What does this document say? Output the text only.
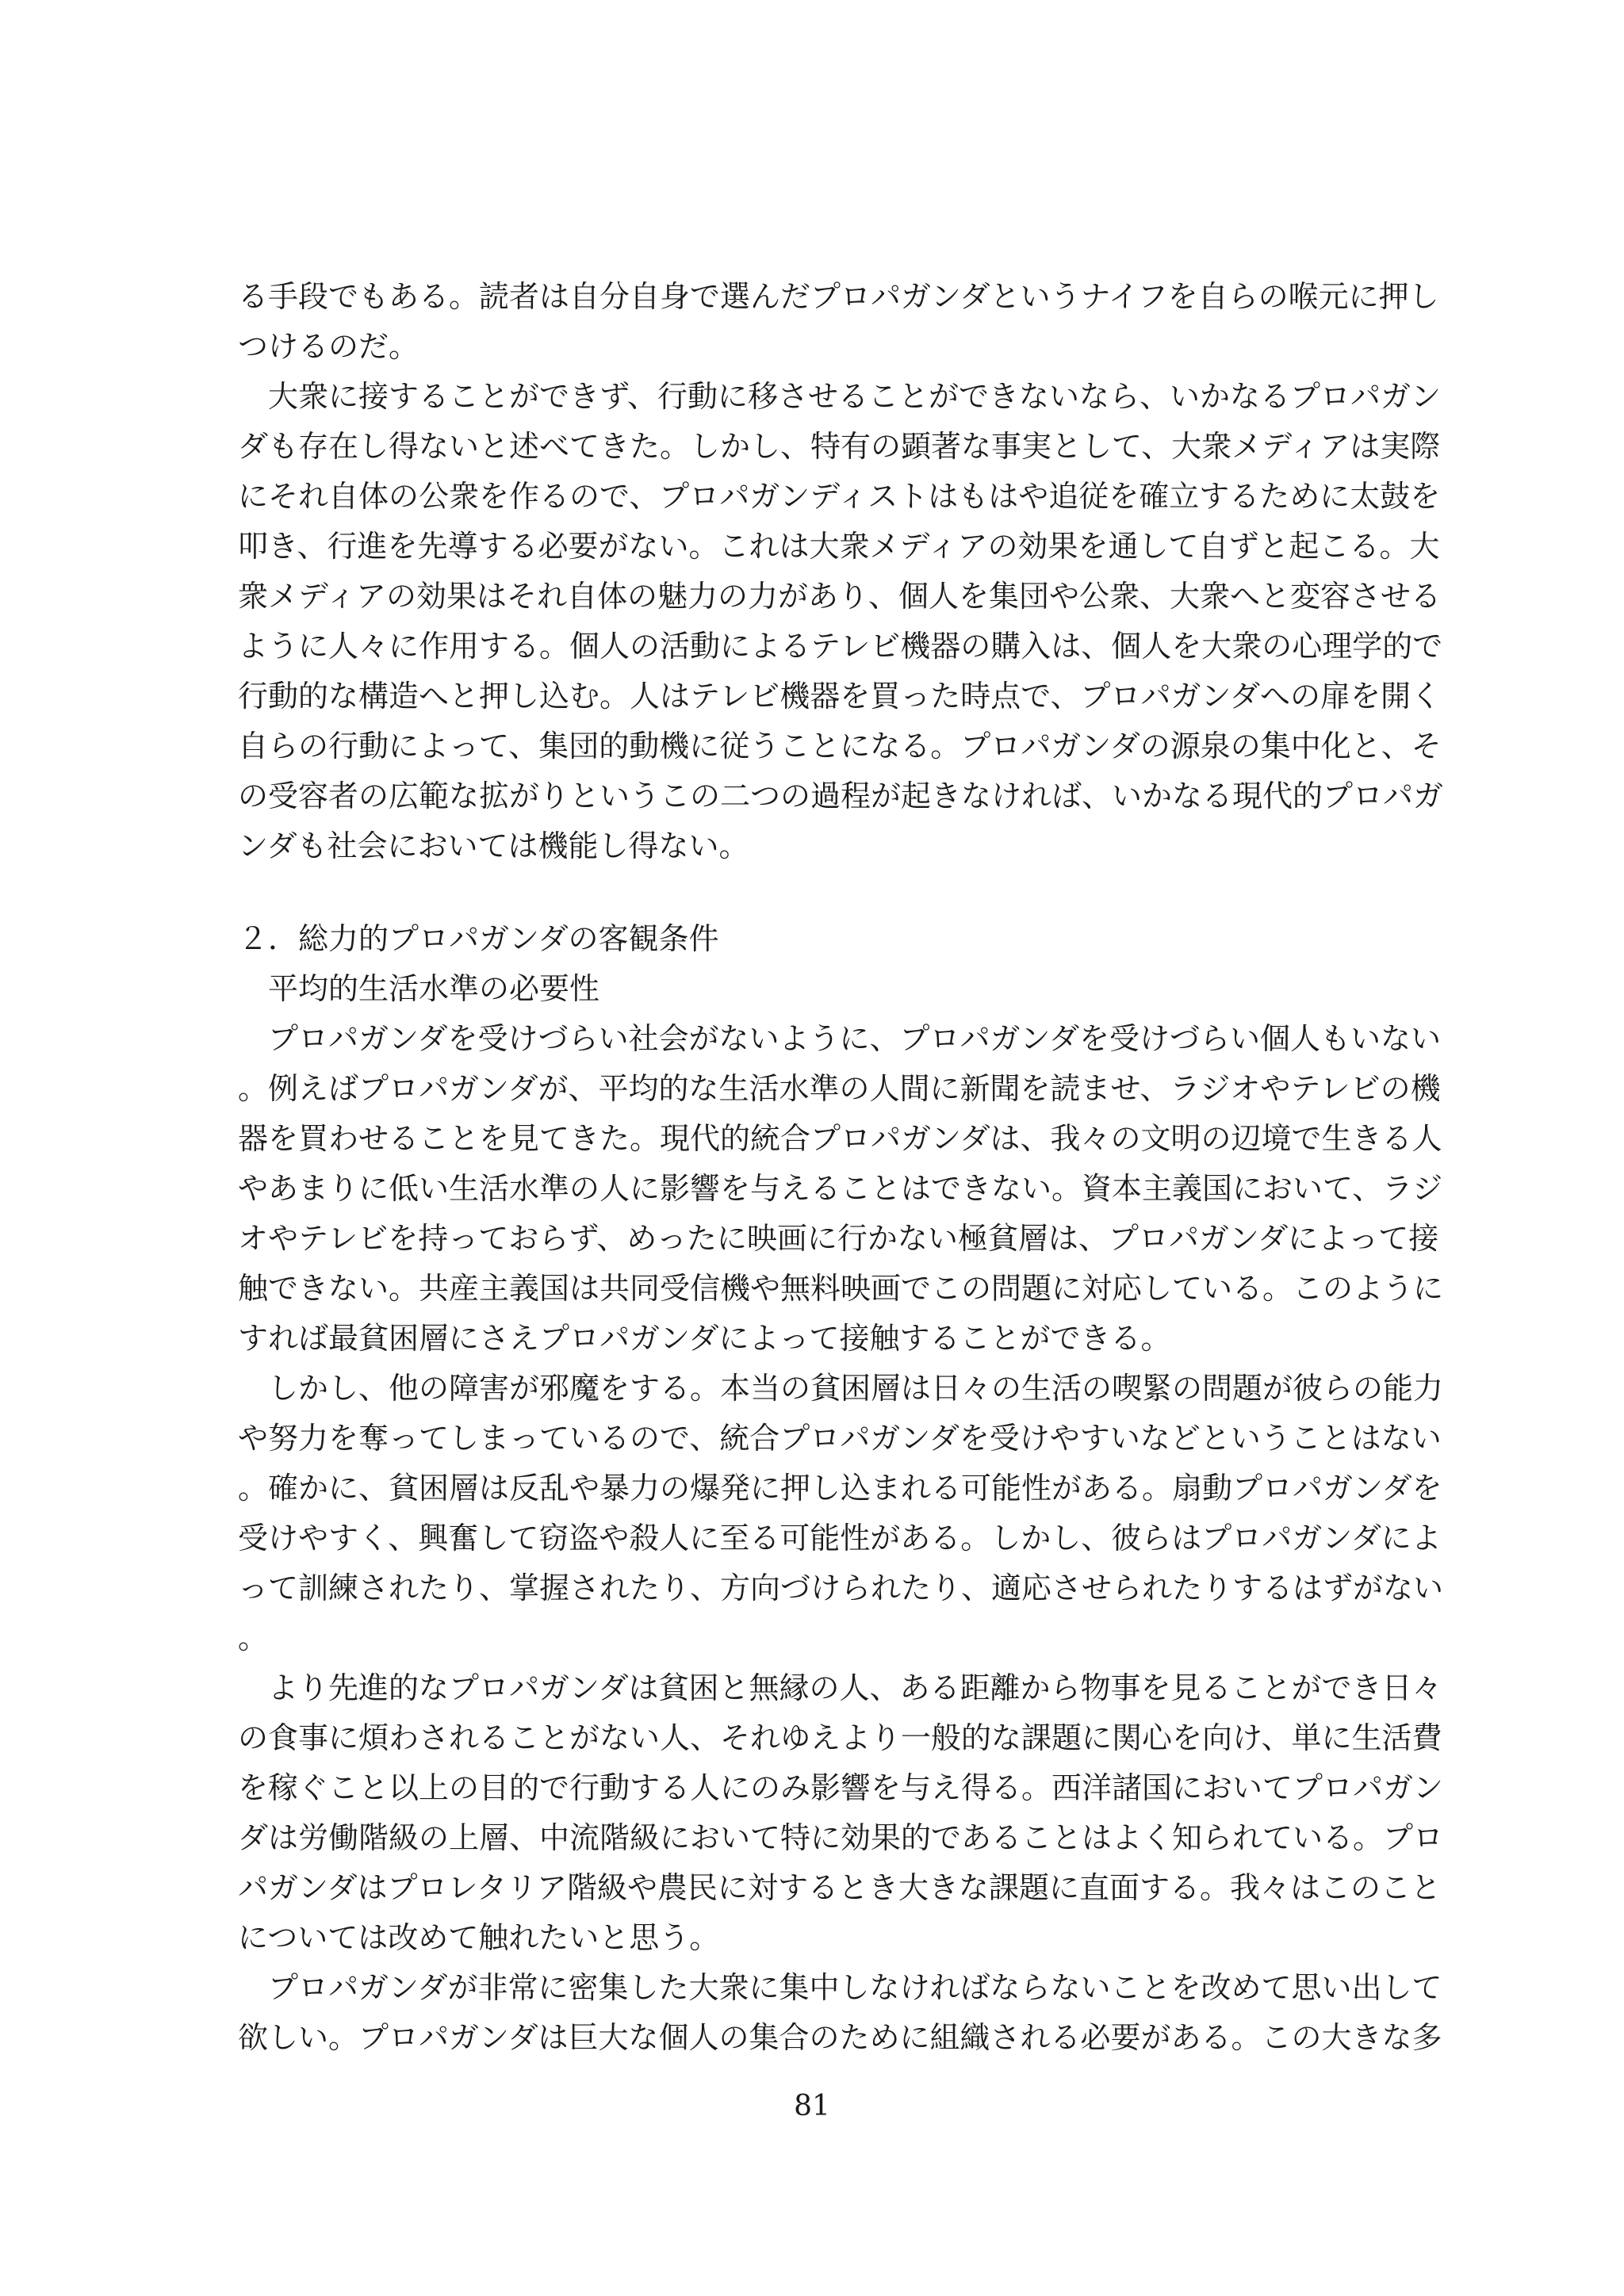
る手段でもある。読者は自分自身で選んだプロパガンダというナイフを自らの喉元に押し
つけるのだ。
大衆に接することができず、行動に移させることができないなら、いかなるプロパガン
ダも存在し得ないと述べてきた。しかし、特有の顕著な事実として、大衆メディアは実際
にそれ自体の公衆を作るので、プロパガンディストはもはや追従を確立するために太鼓を
叩き、行進を先導する必要がない。これは大衆メディアの効果を通して自ずと起こる。大
衆メディアの効果はそれ自体の魅力の力があり、個人を集団や公衆、大衆へと変容させる
ように人々に作用する。個人の活動によるテレビ機器の購入は、個人を大衆の心理学的で
行動的な構造へと押し込む。人はテレビ機器を買った時点で、プロパガンダへの扉を開く
自らの行動によって、集団的動機に従うことになる。プロパガンダの源泉の集中化と、そ
の受容者の広範な拡がりというこの二つの過程が起きなければ、いかなる現代的プロパガ
ンダも社会においては機能し得ない。
２．総力的プロパガンダの客観条件
平均的生活水準の必要性
プロパガンダを受けづらい社会がないように、プロパガンダを受けづらい個人もいない
。例えばプロパガンダが、平均的な生活水準の人間に新聞を読ませ、ラジオやテレビの機
器を買わせることを見てきた。現代的統合プロパガンダは、我々の文明の辺境で生きる人
やあまりに低い生活水準の人に影響を与えることはできない。資本主義国において、ラジ
オやテレビを持っておらず、めったに映画に行かない極貧層は、プロパガンダによって接
触できない。共産主義国は共同受信機や無料映画でこの問題に対応している。このように
すれば最貧困層にさえプロパガンダによって接触することができる。
しかし、他の障害が邪魔をする。本当の貧困層は日々の生活の喫緊の問題が彼らの能力
や努力を奪ってしまっているので、統合プロパガンダを受けやすいなどということはない
。確かに、貧困層は反乱や暴力の爆発に押し込まれる可能性がある。扇動プロパガンダを
受けやすく、興奮して窃盗や殺人に至る可能性がある。しかし、彼らはプロパガンダによ
って訓練されたり、掌握されたり、方向づけられたり、適応させられたりするはずがない
。
より先進的なプロパガンダは貧困と無縁の人、ある距離から物事を見ることができ日々
の食事に煩わされることがない人、それゆえより一般的な課題に関心を向け、単に生活費
を稼ぐこと以上の目的で行動する人にのみ影響を与え得る。西洋諸国においてプロパガン
ダは労働階級の上層、中流階級において特に効果的であることはよく知られている。プロ
パガンダはプロレタリア階級や農民に対するとき大きな課題に直面する。我々はこのこと
については改めて触れたいと思う。
プロパガンダが非常に密集した大衆に集中しなければならないことを改めて思い出して
欲しい。プロパガンダは巨大な個人の集合のために組織される必要がある。この大きな多
81
